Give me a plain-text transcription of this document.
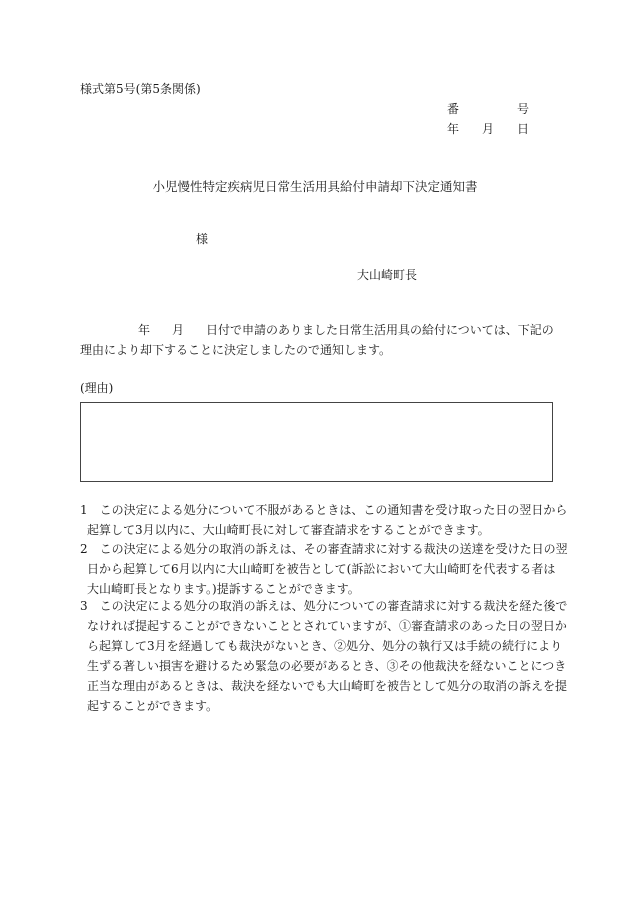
様式第5号(第5条関係)
番	号
年 月 日
小児慢性特定疾病児日常生活用具給付申請却下決定通知書
様
大山崎町長
年 月 日付で申請のありました日常生活用具の給付については、下記の
理由により却下することに決定しましたので通知します。
(理由)
1　この決定による処分について不服があるときは、この通知書を受け取った日の翌日から
起算して3月以内に、大山崎町長に対して審査請求をすることができます。
2　この決定による処分の取消の訴えは、その審査請求に対する裁決の送達を受けた日の翌
日から起算して6月以内に大山崎町を被告として(訴訟において大山崎町を代表する者は
大山崎町長となります。)提訴することができます。
3　この決定による処分の取消の訴えは、処分についての審査請求に対する裁決を経た後で
なければ提起することができないこととされていますが、①審査請求のあった日の翌日か
ら起算して3月を経過しても裁決がないとき、②処分、処分の執行又は手続の続行により
生ずる著しい損害を避けるため緊急の必要があるとき、③その他裁決を経ないことにつき
正当な理由があるときは、裁決を経ないでも大山崎町を被告として処分の取消の訴えを提
起することができます。
